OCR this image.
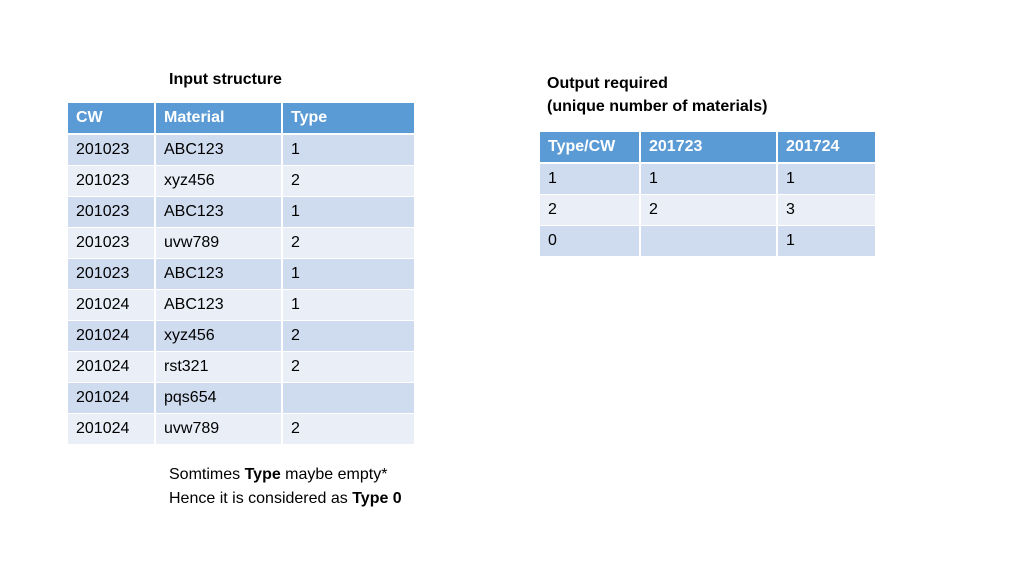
Input structure
CW	Material	Type
201023	ABC123	1
201023	xyz456	2
201023	ABC123	1
201023	uvw789	2
201023	ABC123	1
201024	ABC123	1
201024	xyz456	2
201024	rst321	2
201024	pqs654	
201024	uvw789	2
Output required
(unique number of materials)
Type/CW	201723	201724
1	1	1
2	2	3
0		1
Somtimes Type maybe empty*
Hence it is considered as Type 0
